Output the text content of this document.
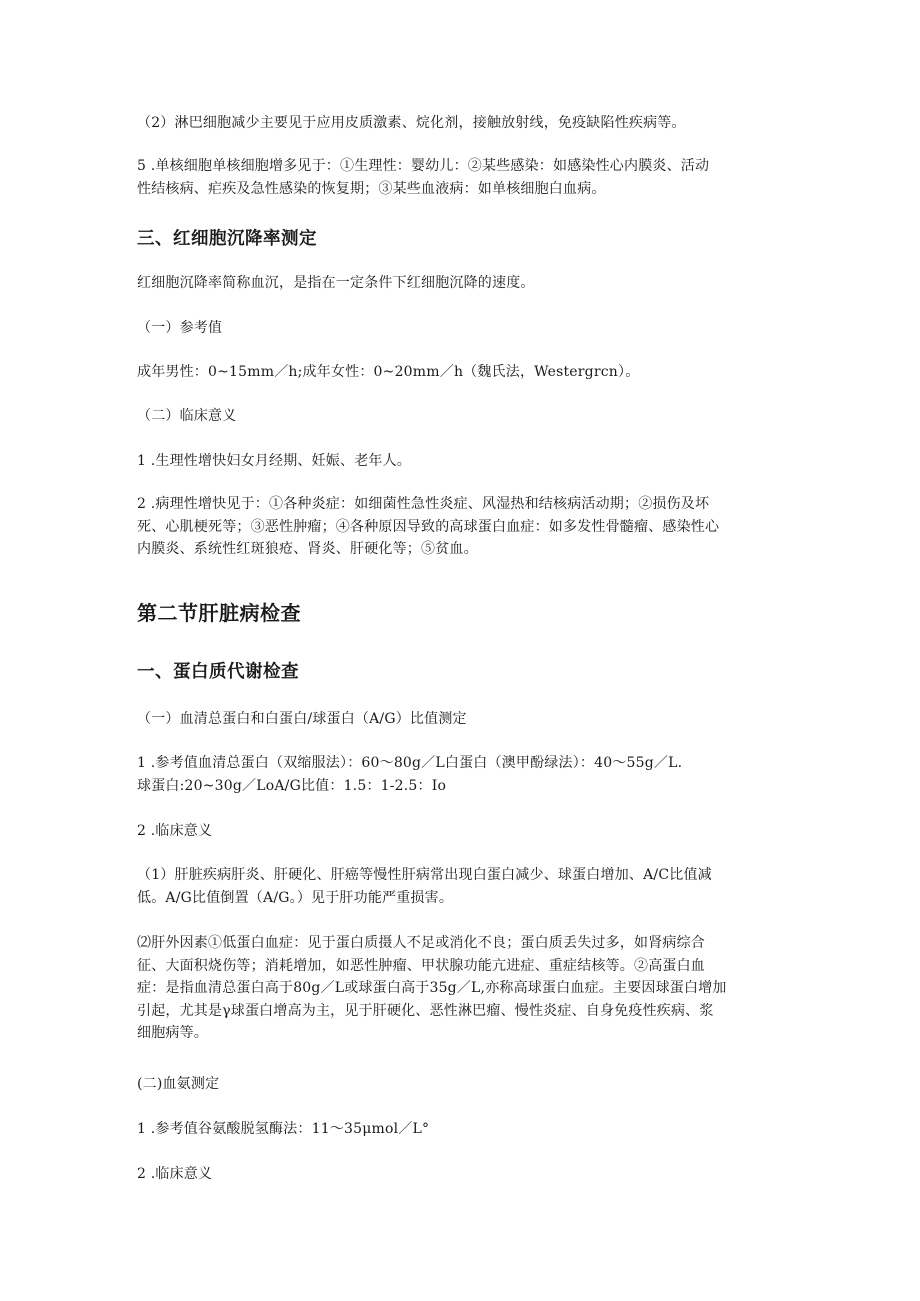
（2）淋巴细胞减少主要见于应用皮质激素、烷化剂，接触放射线，免疫缺陷性疾病等。

5 .单核细胞单核细胞增多见于：①生理性：婴幼儿：②某些感染：如感染性心内膜炎、活动
性结核病、疟疾及急性感染的恢复期；③某些血液病：如单核细胞白血病。

三、红细胞沉降率测定

红细胞沉降率简称血沉，是指在一定条件下红细胞沉降的速度。

（一）参考值

成年男性：0~15mm／h;成年女性：0~20mm／h（魏氏法，Westergrcn）。

（二）临床意义

1 .生理性增快妇女月经期、妊娠、老年人。

2 .病理性增快见于：①各种炎症：如细菌性急性炎症、风湿热和结核病活动期；②损伤及坏
死、心肌梗死等；③恶性肿瘤；④各种原因导致的高球蛋白血症：如多发性骨髓瘤、感染性心
内膜炎、系统性红斑狼疮、肾炎、肝硬化等；⑤贫血。

第二节肝脏病检查
一、蛋白质代谢检查

（一）血清总蛋白和白蛋白/球蛋白（A/G）比值测定

1 .参考值血清总蛋白（双缩服法）：60～80g／L白蛋白（澳甲酚绿法）：40～55g／L.
球蛋白:20~30g／LoA/G比值：1.5：1-2.5：Io

2 .临床意义

（1）肝脏疾病肝炎、肝硬化、肝癌等慢性肝病常出现白蛋白减少、球蛋白增加、A/C比值减
低。A/G比值倒置（A/G。）见于肝功能严重损害。

⑵肝外因素①低蛋白血症：见于蛋白质摄人不足或消化不良；蛋白质丢失过多，如肾病综合
征、大面积烧伤等；消耗增加，如恶性肿瘤、甲状腺功能亢进症、重症结核等。②高蛋白血
症：是指血清总蛋白高于80g／L或球蛋白高于35g／L,亦称高球蛋白血症。主要因球蛋白增加
引起，尤其是γ球蛋白增高为主，见于肝硬化、恶性淋巴瘤、慢性炎症、自身免疫性疾病、浆
细胞病等。

(二)血氨测定

1 .参考值谷氨酸脱氢酶法：11～35μmol／L°

2 .临床意义
